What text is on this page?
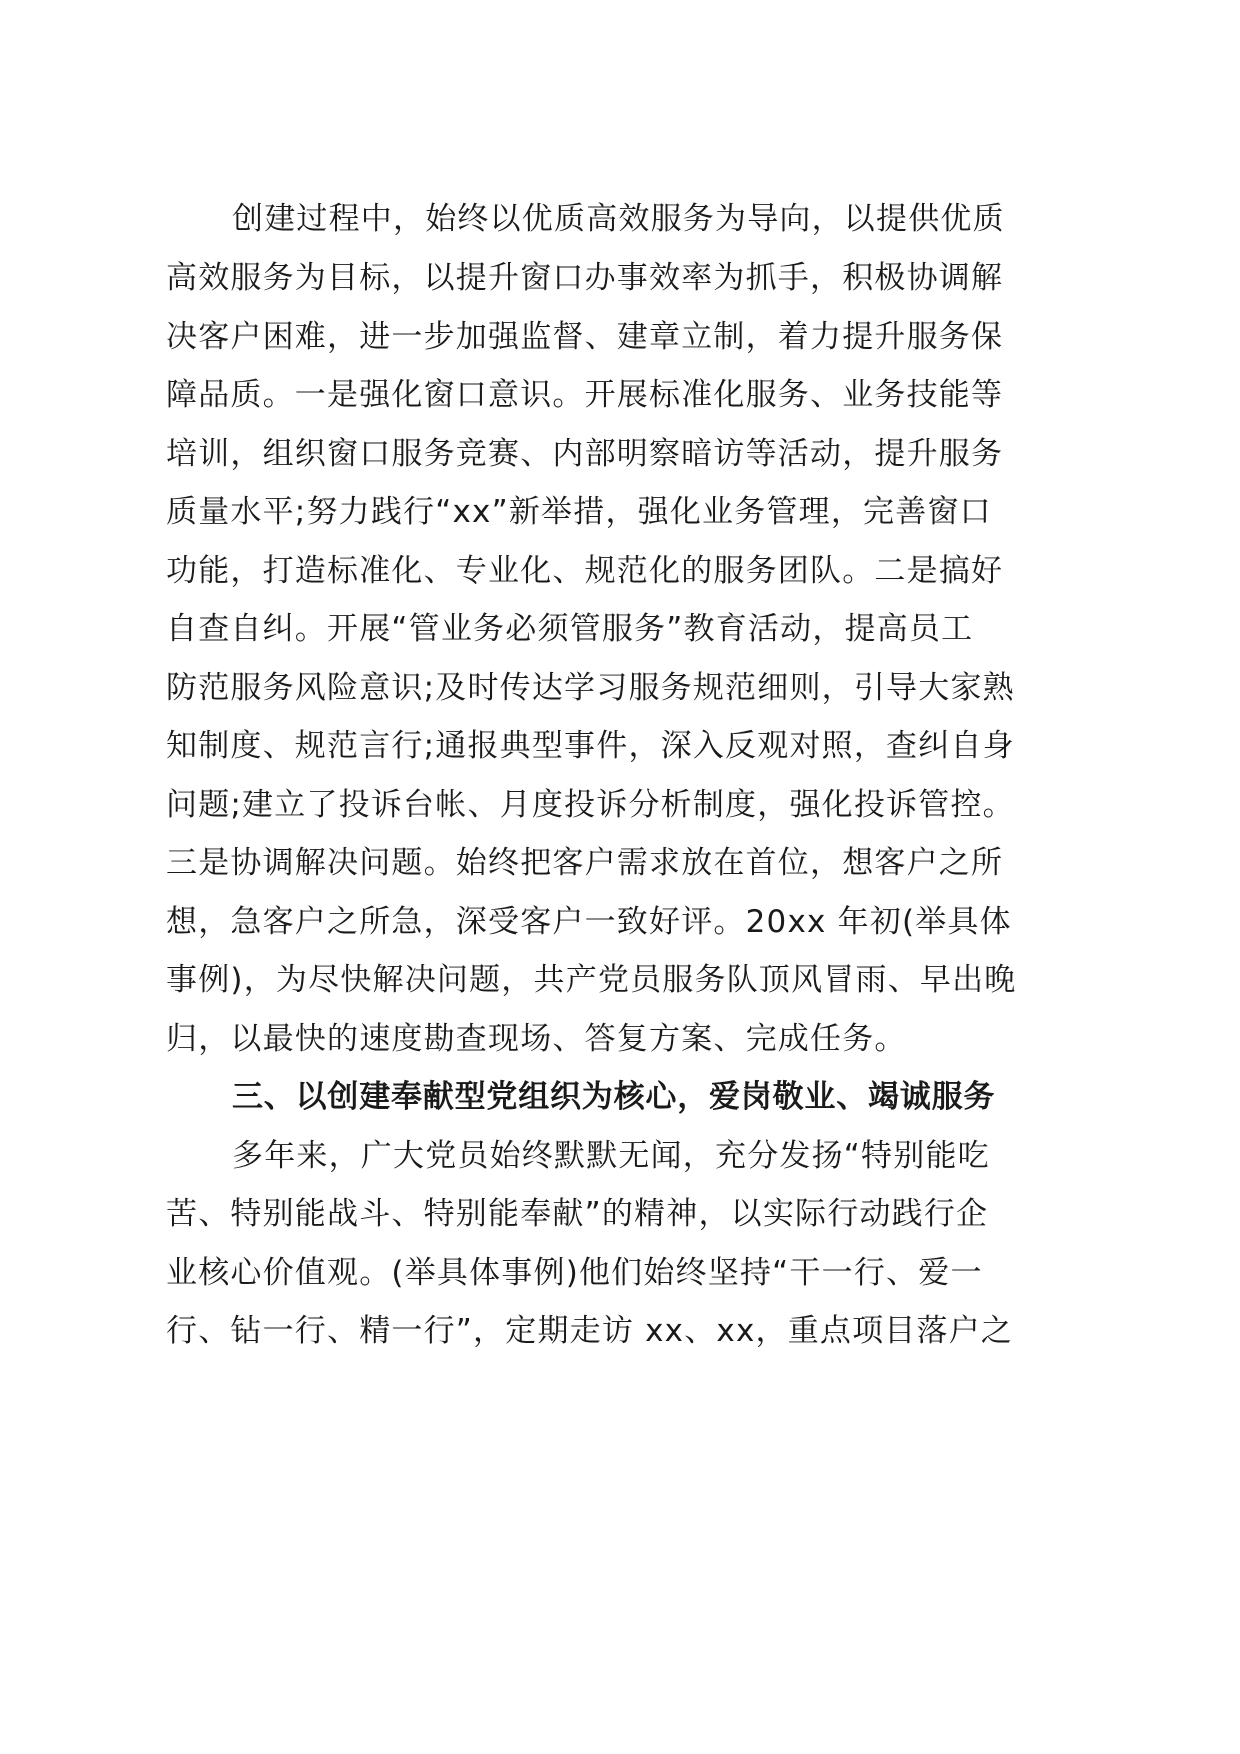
创建过程中，始终以优质高效服务为导向，以提供优质
高效服务为目标，以提升窗口办事效率为抓手，积极协调解
决客户困难，进一步加强监督、建章立制，着力提升服务保
障品质。一是强化窗口意识。开展标准化服务、业务技能等
培训，组织窗口服务竞赛、内部明察暗访等活动，提升服务
质量水平;努力践行“xx”新举措，强化业务管理，完善窗口
功能，打造标准化、专业化、规范化的服务团队。二是搞好
自查自纠。开展“管业务必须管服务”教育活动，提高员工
防范服务风险意识;及时传达学习服务规范细则，引导大家熟
知制度、规范言行;通报典型事件，深入反观对照，查纠自身
问题;建立了投诉台帐、月度投诉分析制度，强化投诉管控。
三是协调解决问题。始终把客户需求放在首位，想客户之所
想，急客户之所急，深受客户一致好评。20xx 年初(举具体
事例)，为尽快解决问题，共产党员服务队顶风冒雨、早出晚
归，以最快的速度勘查现场、答复方案、完成任务。
三、以创建奉献型党组织为核心，爱岗敬业、竭诚服务
多年来，广大党员始终默默无闻，充分发扬“特别能吃
苦、特别能战斗、特别能奉献”的精神，以实际行动践行企
业核心价值观。(举具体事例)他们始终坚持“干一行、爱一
行、钻一行、精一行”，定期走访 xx、xx，重点项目落户之
